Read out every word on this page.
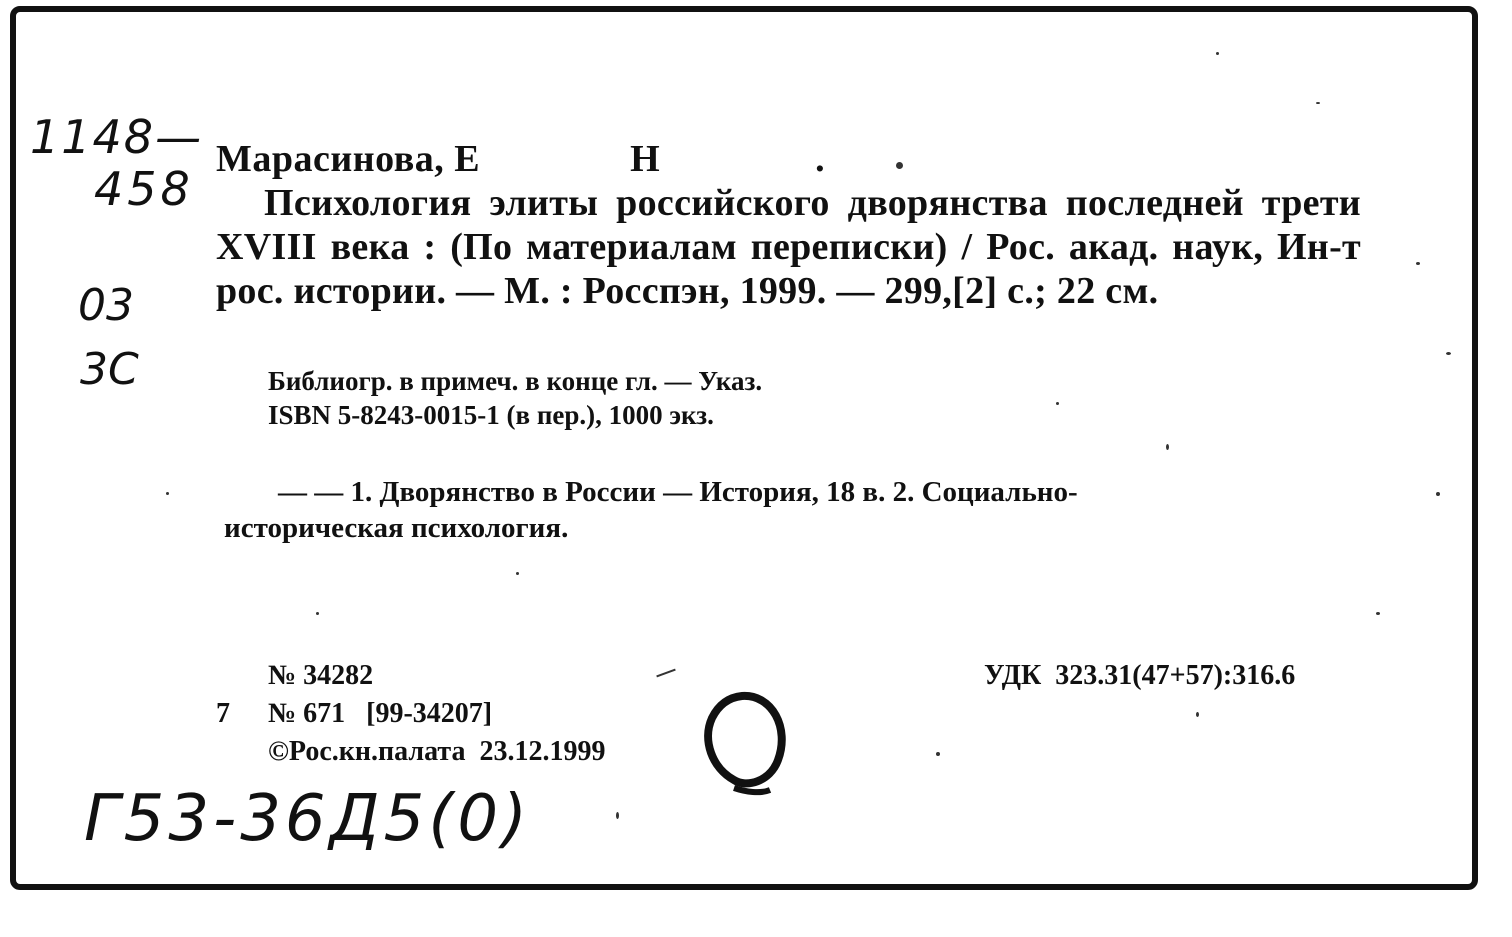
1148—
458
03
3C
Г53-36Д5(0)
Марасинова, Е	Н	.

Психология элиты российского дворянства последней трети XVIII века : (По материалам переписки) / Рос. акад. наук, Ин-т рос. истории. — М. : Росспэн, 1999. — 299,[2] с.; 22 см.

Библиогр. в примеч. в конце гл. — Указ.
ISBN 5-8243-0015-1 (в пер.), 1000 экз.
— — 1. Дворянство в России — История, 18 в. 2. Социально-
историческая психология.
№ 34282
7 № 671   [99-34207]
©Рос.кн.палата  23.12.1999
УДК  323.31(47+57):316.6
